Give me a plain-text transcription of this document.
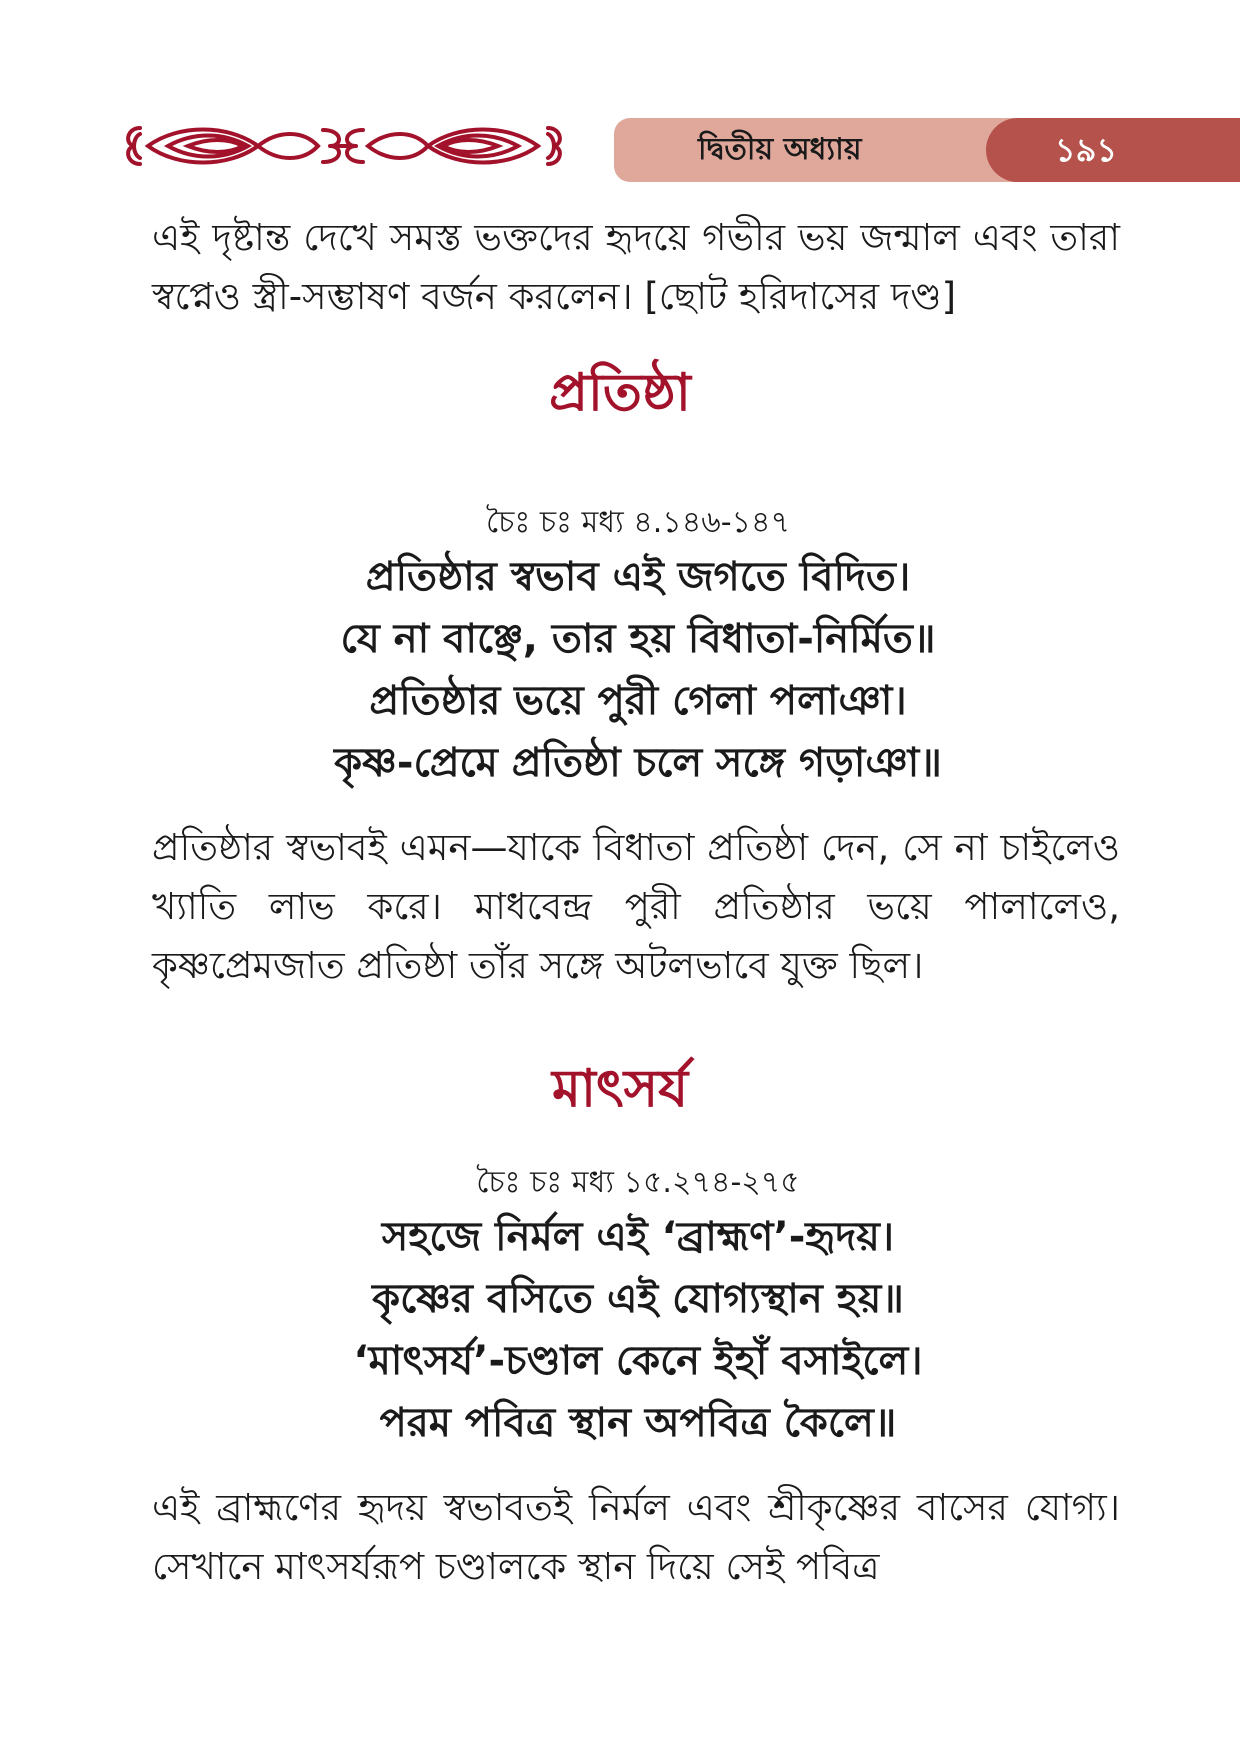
দ্বিতীয় অধ্যায়	১৯১

এই দৃষ্টান্ত দেখে সমস্ত ভক্তদের হৃদয়ে গভীর ভয় জন্মাল এবং তারা স্বপ্নেও স্ত্রী-সম্ভাষণ বর্জন করলেন। [ছোট হরিদাসের দণ্ড]

প্রতিষ্ঠা

চৈঃ চঃ মধ্য ৪.১৪৬-১৪৭

প্রতিষ্ঠার স্বভাব এই জগতে বিদিত।
যে না বাঞ্ছে, তার হয় বিধাতা-নির্মিত॥
প্রতিষ্ঠার ভয়ে পুরী গেলা পলাঞা।
কৃষ্ণ-প্রেমে প্রতিষ্ঠা চলে সঙ্গে গড়াঞা॥

প্রতিষ্ঠার স্বভাবই এমন—যাকে বিধাতা প্রতিষ্ঠা দেন, সে না চাইলেও খ্যাতি লাভ করে। মাধবেন্দ্র পুরী প্রতিষ্ঠার ভয়ে পালালেও, কৃষ্ণপ্রেমজাত প্রতিষ্ঠা তাঁর সঙ্গে অটলভাবে যুক্ত ছিল।

মাৎসর্য

চৈঃ চঃ মধ্য ১৫.২৭৪-২৭৫

সহজে নির্মল এই ‘ব্রাহ্মণ’-হৃদয়।
কৃষ্ণের বসিতে এই যোগ্যস্থান হয়॥
‘মাৎসর্য’-চণ্ডাল কেনে ইহাঁ বসাইলে।
পরম পবিত্র স্থান অপবিত্র কৈলে॥

এই ব্রাহ্মণের হৃদয় স্বভাবতই নির্মল এবং শ্রীকৃষ্ণের বাসের যোগ্য। সেখানে মাৎসর্যরূপ চণ্ডালকে স্থান দিয়ে সেই পবিত্র
